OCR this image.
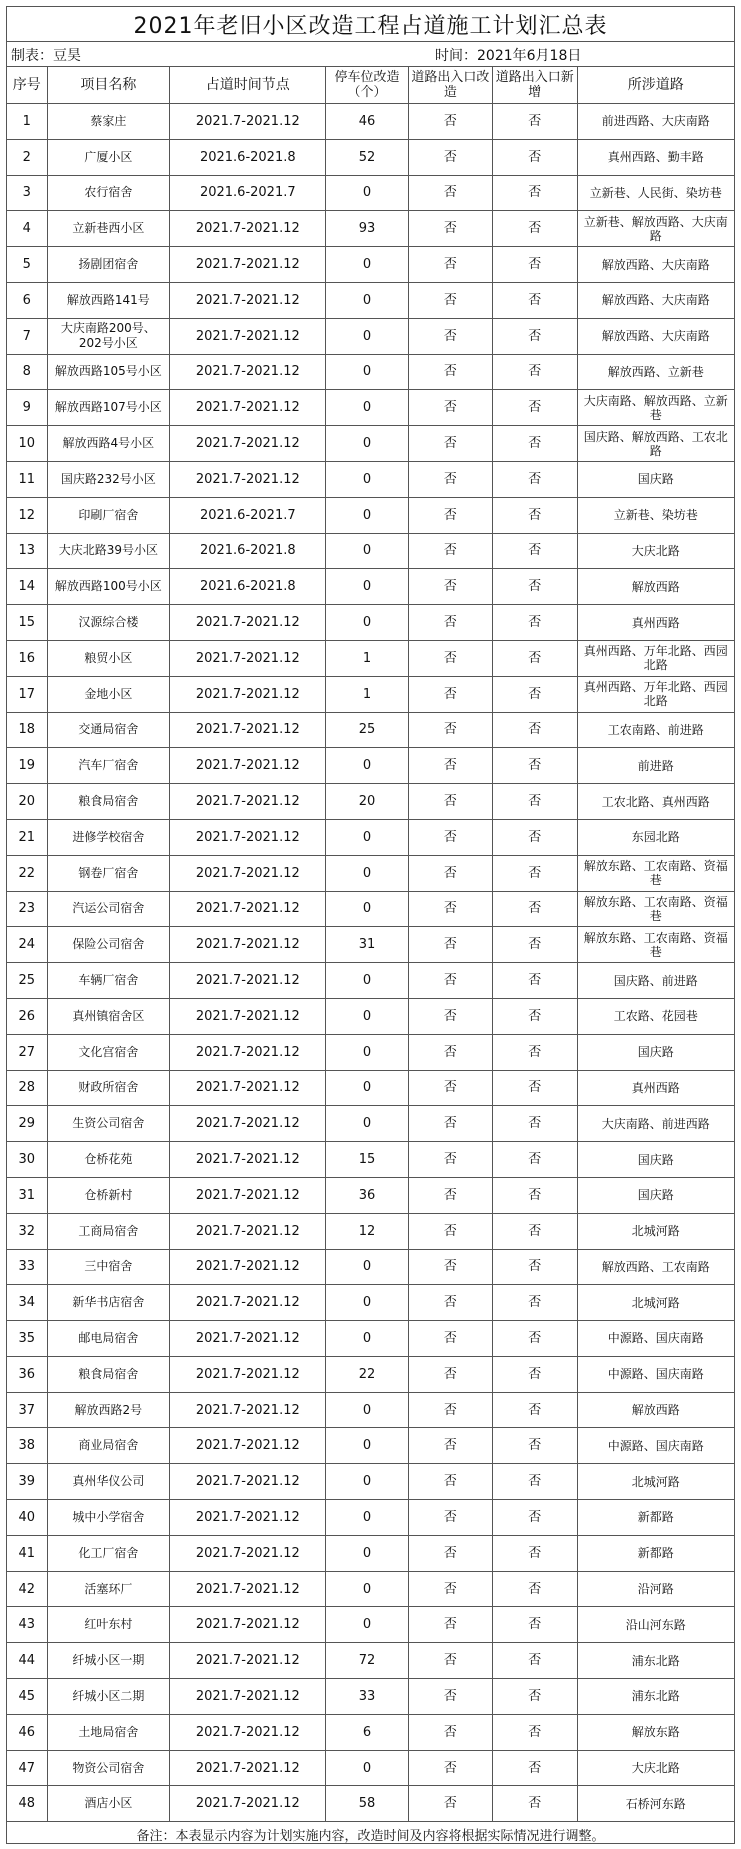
2021年老旧小区改造工程占道施工计划汇总表
制表：豆昊	时间：2021年6月18日
序号	项目名称	占道时间节点	停车位改造（个）	道路出入口改造	道路出入口新增	所涉道路
1	蔡家庄	2021.7-2021.12	46	否	否	前进西路、大庆南路
2	广厦小区	2021.6-2021.8	52	否	否	真州西路、勤丰路
3	农行宿舍	2021.6-2021.7	0	否	否	立新巷、人民街、染坊巷
4	立新巷西小区	2021.7-2021.12	93	否	否	立新巷、解放西路、大庆南路
5	扬剧团宿舍	2021.7-2021.12	0	否	否	解放西路、大庆南路
6	解放西路141号	2021.7-2021.12	0	否	否	解放西路、大庆南路
7	大庆南路200号、202号小区	2021.7-2021.12	0	否	否	解放西路、大庆南路
8	解放西路105号小区	2021.7-2021.12	0	否	否	解放西路、立新巷
9	解放西路107号小区	2021.7-2021.12	0	否	否	大庆南路、解放西路、立新巷
10	解放西路4号小区	2021.7-2021.12	0	否	否	国庆路、解放西路、工农北路
11	国庆路232号小区	2021.7-2021.12	0	否	否	国庆路
12	印刷厂宿舍	2021.6-2021.7	0	否	否	立新巷、染坊巷
13	大庆北路39号小区	2021.6-2021.8	0	否	否	大庆北路
14	解放西路100号小区	2021.6-2021.8	0	否	否	解放西路
15	汉源综合楼	2021.7-2021.12	0	否	否	真州西路
16	粮贸小区	2021.7-2021.12	1	否	否	真州西路、万年北路、西园北路
17	金地小区	2021.7-2021.12	1	否	否	真州西路、万年北路、西园北路
18	交通局宿舍	2021.7-2021.12	25	否	否	工农南路、前进路
19	汽车厂宿舍	2021.7-2021.12	0	否	否	前进路
20	粮食局宿舍	2021.7-2021.12	20	否	否	工农北路、真州西路
21	进修学校宿舍	2021.7-2021.12	0	否	否	东园北路
22	钢卷厂宿舍	2021.7-2021.12	0	否	否	解放东路、工农南路、资福巷
23	汽运公司宿舍	2021.7-2021.12	0	否	否	解放东路、工农南路、资福巷
24	保险公司宿舍	2021.7-2021.12	31	否	否	解放东路、工农南路、资福巷
25	车辆厂宿舍	2021.7-2021.12	0	否	否	国庆路、前进路
26	真州镇宿舍区	2021.7-2021.12	0	否	否	工农路、花园巷
27	文化宫宿舍	2021.7-2021.12	0	否	否	国庆路
28	财政所宿舍	2021.7-2021.12	0	否	否	真州西路
29	生资公司宿舍	2021.7-2021.12	0	否	否	大庆南路、前进西路
30	仓桥花苑	2021.7-2021.12	15	否	否	国庆路
31	仓桥新村	2021.7-2021.12	36	否	否	国庆路
32	工商局宿舍	2021.7-2021.12	12	否	否	北城河路
33	三中宿舍	2021.7-2021.12	0	否	否	解放西路、工农南路
34	新华书店宿舍	2021.7-2021.12	0	否	否	北城河路
35	邮电局宿舍	2021.7-2021.12	0	否	否	中源路、国庆南路
36	粮食局宿舍	2021.7-2021.12	22	否	否	中源路、国庆南路
37	解放西路2号	2021.7-2021.12	0	否	否	解放西路
38	商业局宿舍	2021.7-2021.12	0	否	否	中源路、国庆南路
39	真州华仪公司	2021.7-2021.12	0	否	否	北城河路
40	城中小学宿舍	2021.7-2021.12	0	否	否	新都路
41	化工厂宿舍	2021.7-2021.12	0	否	否	新都路
42	活塞环厂	2021.7-2021.12	0	否	否	沿河路
43	红叶东村	2021.7-2021.12	0	否	否	沿山河东路
44	纤城小区一期	2021.7-2021.12	72	否	否	浦东北路
45	纤城小区二期	2021.7-2021.12	33	否	否	浦东北路
46	土地局宿舍	2021.7-2021.12	6	否	否	解放东路
47	物资公司宿舍	2021.7-2021.12	0	否	否	大庆北路
48	酒店小区	2021.7-2021.12	58	否	否	石桥河东路
备注：本表显示内容为计划实施内容，改造时间及内容将根据实际情况进行调整。
